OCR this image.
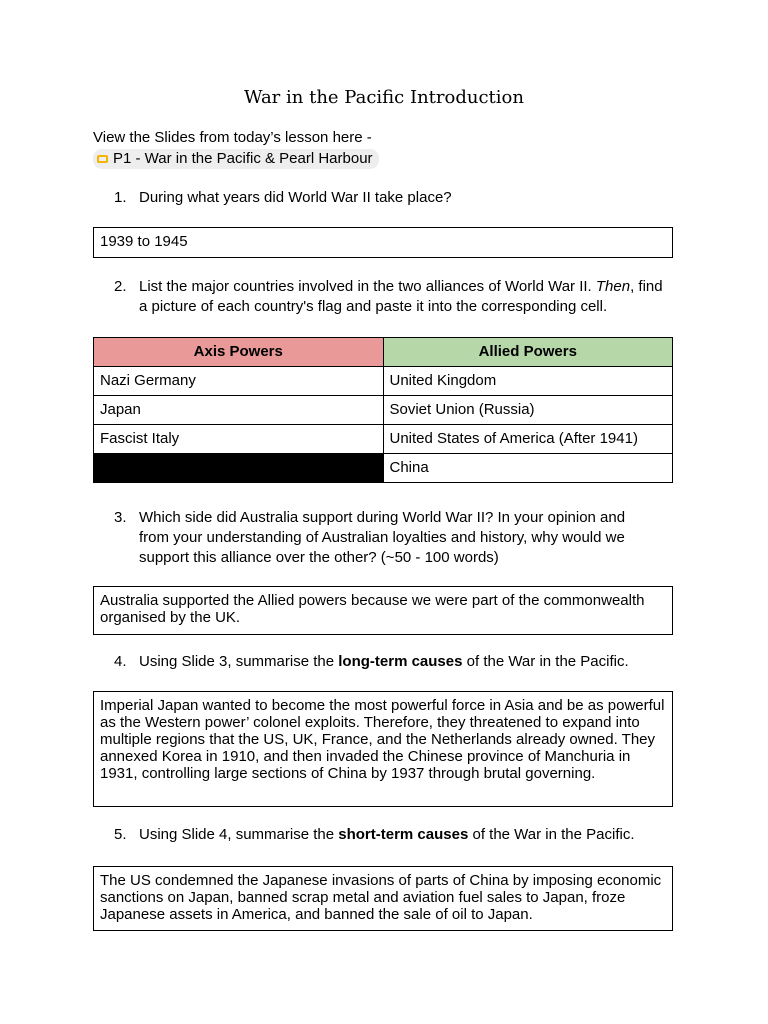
War in the Pacific Introduction
View the Slides from today’s lesson here -
P1 - War in the Pacific & Pearl Harbour
1. During what years did World War II take place?
1939 to 1945
2. List the major countries involved in the two alliances of World War II. Then, find a picture of each country's flag and paste it into the corresponding cell.
Axis Powers	Allied Powers
Nazi Germany	United Kingdom
Japan	Soviet Union (Russia)
Fascist Italy	United States of America (After 1941)
	China
3. Which side did Australia support during World War II? In your opinion and from your understanding of Australian loyalties and history, why would we support this alliance over the other? (~50 - 100 words)
Australia supported the Allied powers because we were part of the commonwealth organised by the UK.
4. Using Slide 3, summarise the long-term causes of the War in the Pacific.
Imperial Japan wanted to become the most powerful force in Asia and be as powerful as the Western power’ colonel exploits. Therefore, they threatened to expand into multiple regions that the US, UK, France, and the Netherlands already owned. They annexed Korea in 1910, and then invaded the Chinese province of Manchuria in 1931, controlling large sections of China by 1937 through brutal governing.
5. Using Slide 4, summarise the short-term causes of the War in the Pacific.
The US condemned the Japanese invasions of parts of China by imposing economic sanctions on Japan, banned scrap metal and aviation fuel sales to Japan, froze Japanese assets in America, and banned the sale of oil to Japan.
